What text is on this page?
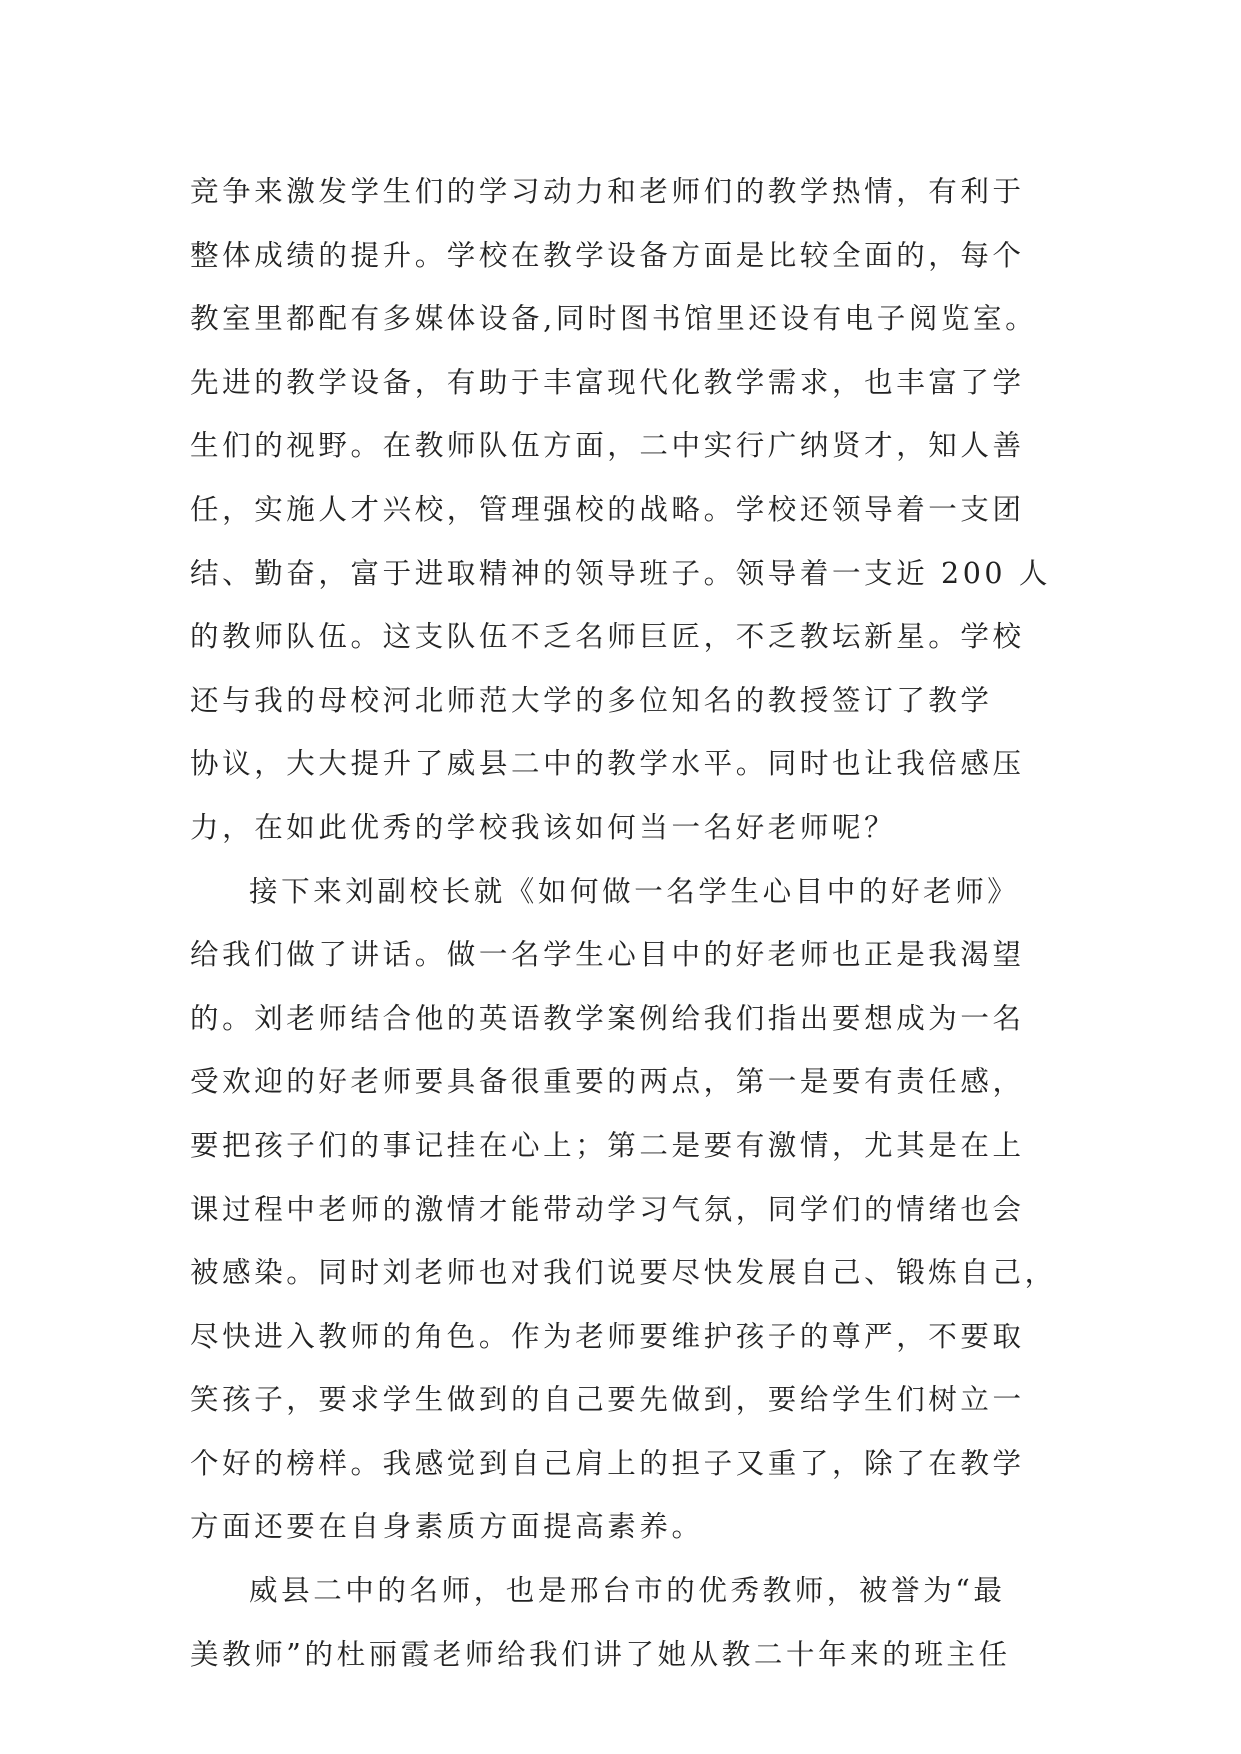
竞争来激发学生们的学习动力和老师们的教学热情，有利于
整体成绩的提升。学校在教学设备方面是比较全面的，每个
教室里都配有多媒体设备,同时图书馆里还设有电子阅览室。
先进的教学设备，有助于丰富现代化教学需求，也丰富了学
生们的视野。在教师队伍方面，二中实行广纳贤才，知人善
任，实施人才兴校，管理强校的战略。学校还领导着一支团
结、勤奋，富于进取精神的领导班子。领导着一支近 200 人
的教师队伍。这支队伍不乏名师巨匠，不乏教坛新星。学校
还与我的母校河北师范大学的多位知名的教授签订了教学
协议，大大提升了威县二中的教学水平。同时也让我倍感压
力，在如此优秀的学校我该如何当一名好老师呢？
接下来刘副校长就《如何做一名学生心目中的好老师》
给我们做了讲话。做一名学生心目中的好老师也正是我渴望
的。刘老师结合他的英语教学案例给我们指出要想成为一名
受欢迎的好老师要具备很重要的两点，第一是要有责任感，
要把孩子们的事记挂在心上；第二是要有激情，尤其是在上
课过程中老师的激情才能带动学习气氛，同学们的情绪也会
被感染。同时刘老师也对我们说要尽快发展自己、锻炼自己，
尽快进入教师的角色。作为老师要维护孩子的尊严，不要取
笑孩子，要求学生做到的自己要先做到，要给学生们树立一
个好的榜样。我感觉到自己肩上的担子又重了，除了在教学
方面还要在自身素质方面提高素养。
威县二中的名师，也是邢台市的优秀教师，被誉为“最
美教师”的杜丽霞老师给我们讲了她从教二十年来的班主任
